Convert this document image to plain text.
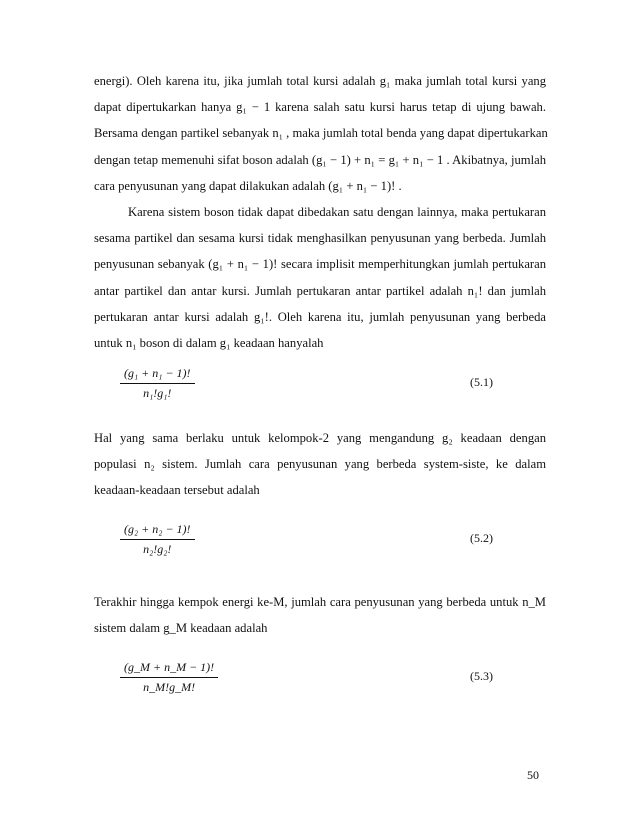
energi). Oleh karena itu, jika jumlah total kursi adalah g₁ maka jumlah total kursi yang
dapat dipertukarkan hanya g₁ − 1 karena salah satu kursi harus tetap di ujung bawah.
Bersama dengan partikel sebanyak n₁ , maka jumlah total benda yang dapat dipertukarkan
dengan tetap memenuhi sifat boson adalah (g₁ − 1) + n₁ = g₁ + n₁ − 1 . Akibatnya, jumlah
cara penyusunan yang dapat dilakukan adalah (g₁ + n₁ − 1)! .
Karena sistem boson tidak dapat dibedakan satu dengan lainnya, maka pertukaran
sesama partikel dan sesama kursi tidak menghasilkan penyusunan yang berbeda. Jumlah
penyusunan sebanyak (g₁ + n₁ − 1)! secara implisit memperhitungkan jumlah pertukaran
antar partikel dan antar kursi. Jumlah pertukaran antar partikel adalah n₁! dan jumlah
pertukaran antar kursi adalah g₁!. Oleh karena itu, jumlah penyusunan yang berbeda
untuk n₁ boson di dalam g₁ keadaan hanyalah
$\frac{\text{(g₁ + n₁ − 1)!}}{\text{n₁!g₁!}}$	(5.1)
Hal yang sama berlaku untuk kelompok-2 yang mengandung g₂ keadaan dengan
populasi n₂ sistem. Jumlah cara penyusunan yang berbeda system-siste, ke dalam
keadaan-keadaan tersebut adalah
$\frac{\text{(g₂ + n₂ − 1)!}}{\text{n₂!g₂!}}$	(5.2)
Terakhir hingga kempok energi ke-M, jumlah cara penyusunan yang berbeda untuk n_M
sistem dalam g_M keadaan adalah
$\frac{(g\_M + n\_M - 1)!}{n\_M!g\_M!}$	(5.3)
50
